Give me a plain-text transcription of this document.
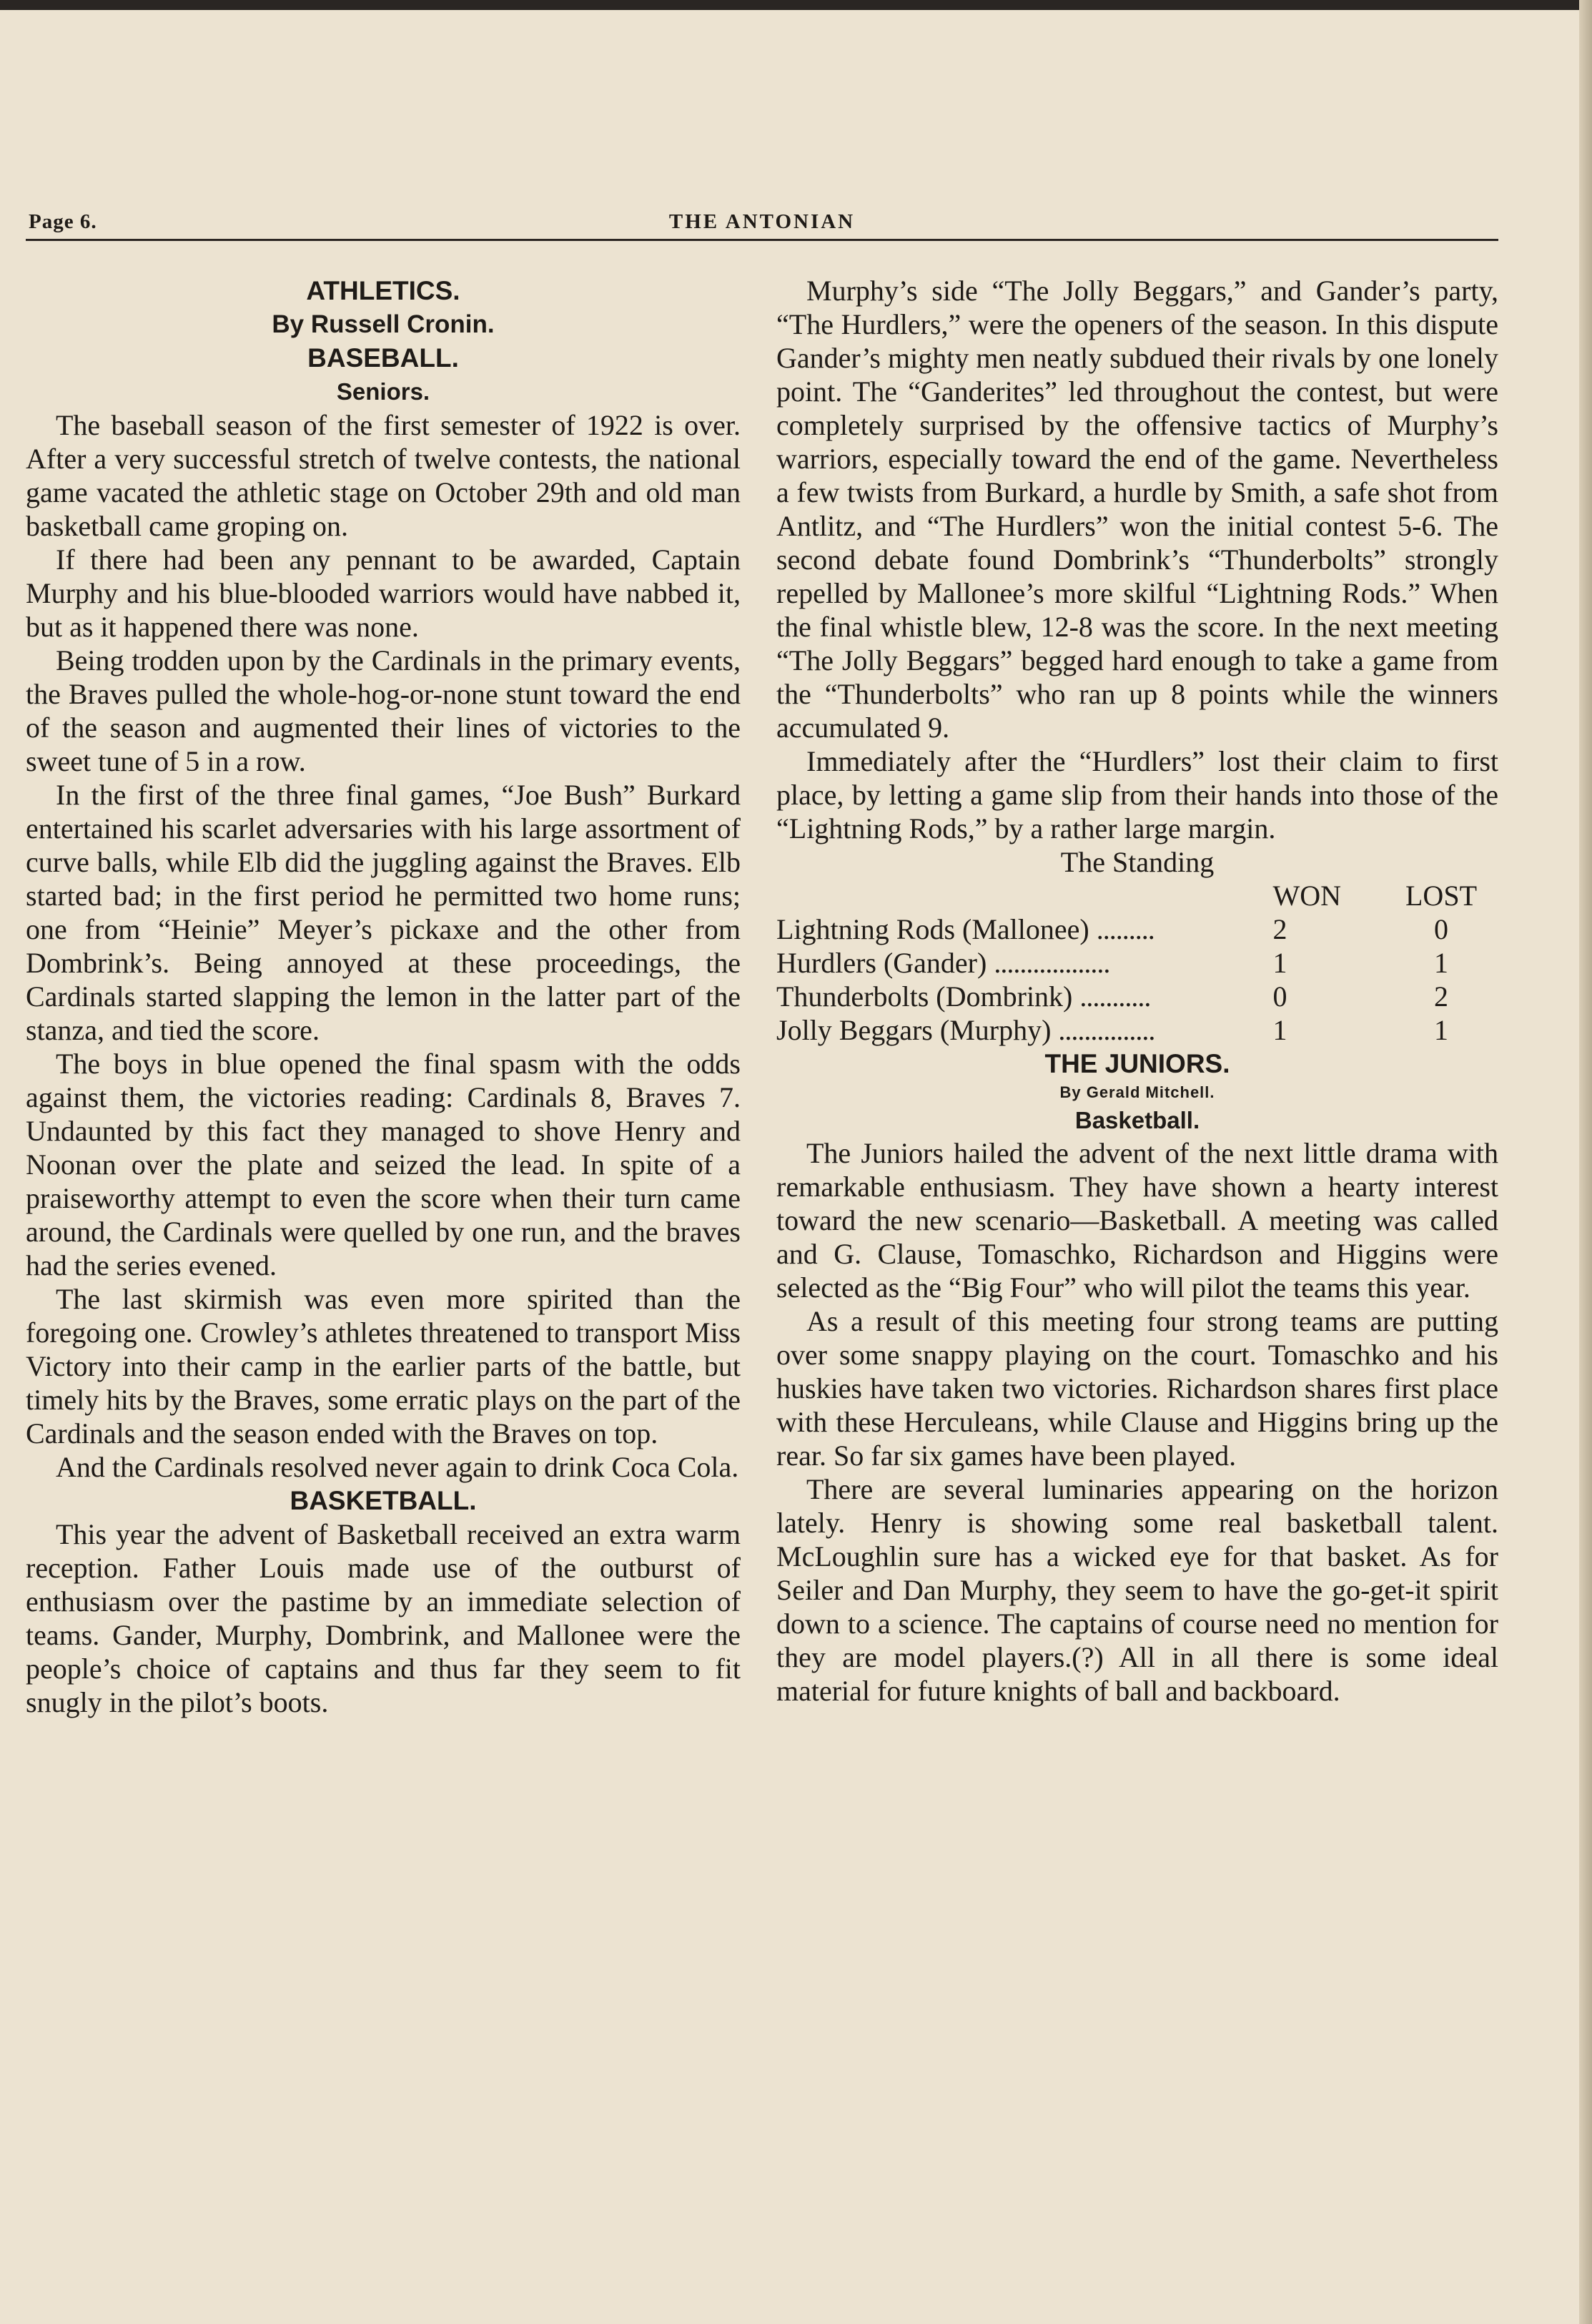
Page 6.	THE ANTONIAN
ATHLETICS.
By Russell Cronin.
BASEBALL.
Seniors.

The baseball season of the first semester of 1922 is over. After a very successful stretch of twelve contests, the national game vacated the athletic stage on October 29th and old man basketball came groping on.

If there had been any pennant to be awarded, Captain Murphy and his blue-blooded warriors would have nabbed it, but as it happened there was none.

Being trodden upon by the Cardinals in the primary events, the Braves pulled the whole-hog-or-none stunt toward the end of the season and augmented their lines of victories to the sweet tune of 5 in a row.

In the first of the three final games, “Joe Bush” Burkard entertained his scarlet adversaries with his large assortment of curve balls, while Elb did the juggling against the Braves. Elb started bad; in the first period he permitted two home runs; one from “Heinie” Meyer’s pickaxe and the other from Dombrink’s. Being annoyed at these proceedings, the Cardinals started slapping the lemon in the latter part of the stanza, and tied the score.

The boys in blue opened the final spasm with the odds against them, the victories reading: Cardinals 8, Braves 7. Undaunted by this fact they managed to shove Henry and Noonan over the plate and seized the lead. In spite of a praiseworthy attempt to even the score when their turn came around, the Cardinals were quelled by one run, and the braves had the series evened.

The last skirmish was even more spirited than the foregoing one. Crowley’s athletes threatened to transport Miss Victory into their camp in the earlier parts of the battle, but timely hits by the Braves, some erratic plays on the part of the Cardinals and the season ended with the Braves on top.

And the Cardinals resolved never again to drink Coca Cola.

BASKETBALL.

This year the advent of Basketball received an extra warm reception. Father Louis made use of the outburst of enthusiasm over the pastime by an immediate selection of teams. Gander, Murphy, Dombrink, and Mallonee were the people’s choice of captains and thus far they seem to fit snugly in the pilot’s boots.

Murphy’s side “The Jolly Beggars,” and Gander’s party, “The Hurdlers,” were the openers of the season. In this dispute Gander’s mighty men neatly subdued their rivals by one lonely point. The “Ganderites” led throughout the contest, but were completely surprised by the offensive tactics of Murphy’s warriors, especially toward the end of the game. Nevertheless a few twists from Burkard, a hurdle by Smith, a safe shot from Antlitz, and “The Hurdlers” won the initial contest 5-6. The second debate found Dombrink’s “Thunderbolts” strongly repelled by Mallonee’s more skilful “Lightning Rods.” When the final whistle blew, 12-8 was the score. In the next meeting “The Jolly Beggars” begged hard enough to take a game from the “Thunderbolts” who ran up 8 points while the winners accumulated 9.

Immediately after the “Hurdlers” lost their claim to first place, by letting a game slip from their hands into those of the “Lightning Rods,” by a rather large margin.

The Standing
	WON	LOST
Lightning Rods (Mallonee) .........	2	0
Hurdlers (Gander) ..................	1	1
Thunderbolts (Dombrink) ...........	0	2
Jolly Beggars (Murphy) ...............	1	1
THE JUNIORS.
By Gerald Mitchell.
Basketball.

The Juniors hailed the advent of the next little drama with remarkable enthusiasm. They have shown a hearty interest toward the new scenario—Basketball. A meeting was called and G. Clause, Tomaschko, Richardson and Higgins were selected as the “Big Four” who will pilot the teams this year.

As a result of this meeting four strong teams are putting over some snappy playing on the court. Tomaschko and his huskies have taken two victories. Richardson shares first place with these Herculeans, while Clause and Higgins bring up the rear. So far six games have been played.

There are several luminaries appearing on the horizon lately. Henry is showing some real basketball talent. McLoughlin sure has a wicked eye for that basket. As for Seiler and Dan Murphy, they seem to have the go-get-it spirit down to a science. The captains of course need no mention for they are model players.(?) All in all there is some ideal material for future knights of ball and backboard.
